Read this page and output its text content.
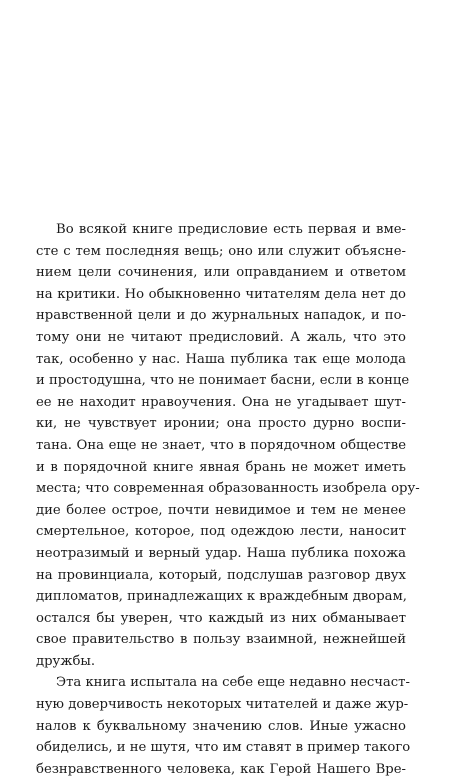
Во всякой книге предисловие есть первая и вме-
сте с тем последняя вещь; оно или служит объясне-
нием цели сочинения, или оправданием и ответом
на критики. Но обыкновенно читателям дела нет до
нравственной цели и до журнальных нападок, и по-
тому они не читают предисловий. А жаль, что это
так, особенно у нас. Наша публика так еще молода
и простодушна, что не понимает басни, если в конце
ее не находит нравоучения. Она не угадывает шут-
ки, не чувствует иронии; она просто дурно воспи-
тана. Она еще не знает, что в порядочном обществе
и в порядочной книге явная брань не может иметь
места; что современная образованность изобрела ору-
дие более острое, почти невидимое и тем не менее
смертельное, которое, под одеждою лести, наносит
неотразимый и верный удар. Наша публика похожа
на провинциала, который, подслушав разговор двух
дипломатов, принадлежащих к враждебным дворам,
остался бы уверен, что каждый из них обманывает
свое правительство в пользу взаимной, нежнейшей
дружбы.
Эта книга испытала на себе еще недавно несчаст-
ную доверчивость некоторых читателей и даже жур-
налов к буквальному значению слов. Иные ужасно
обиделись, и не шутя, что им ставят в пример такого
безнравственного человека, как Герой Нашего Вре-
